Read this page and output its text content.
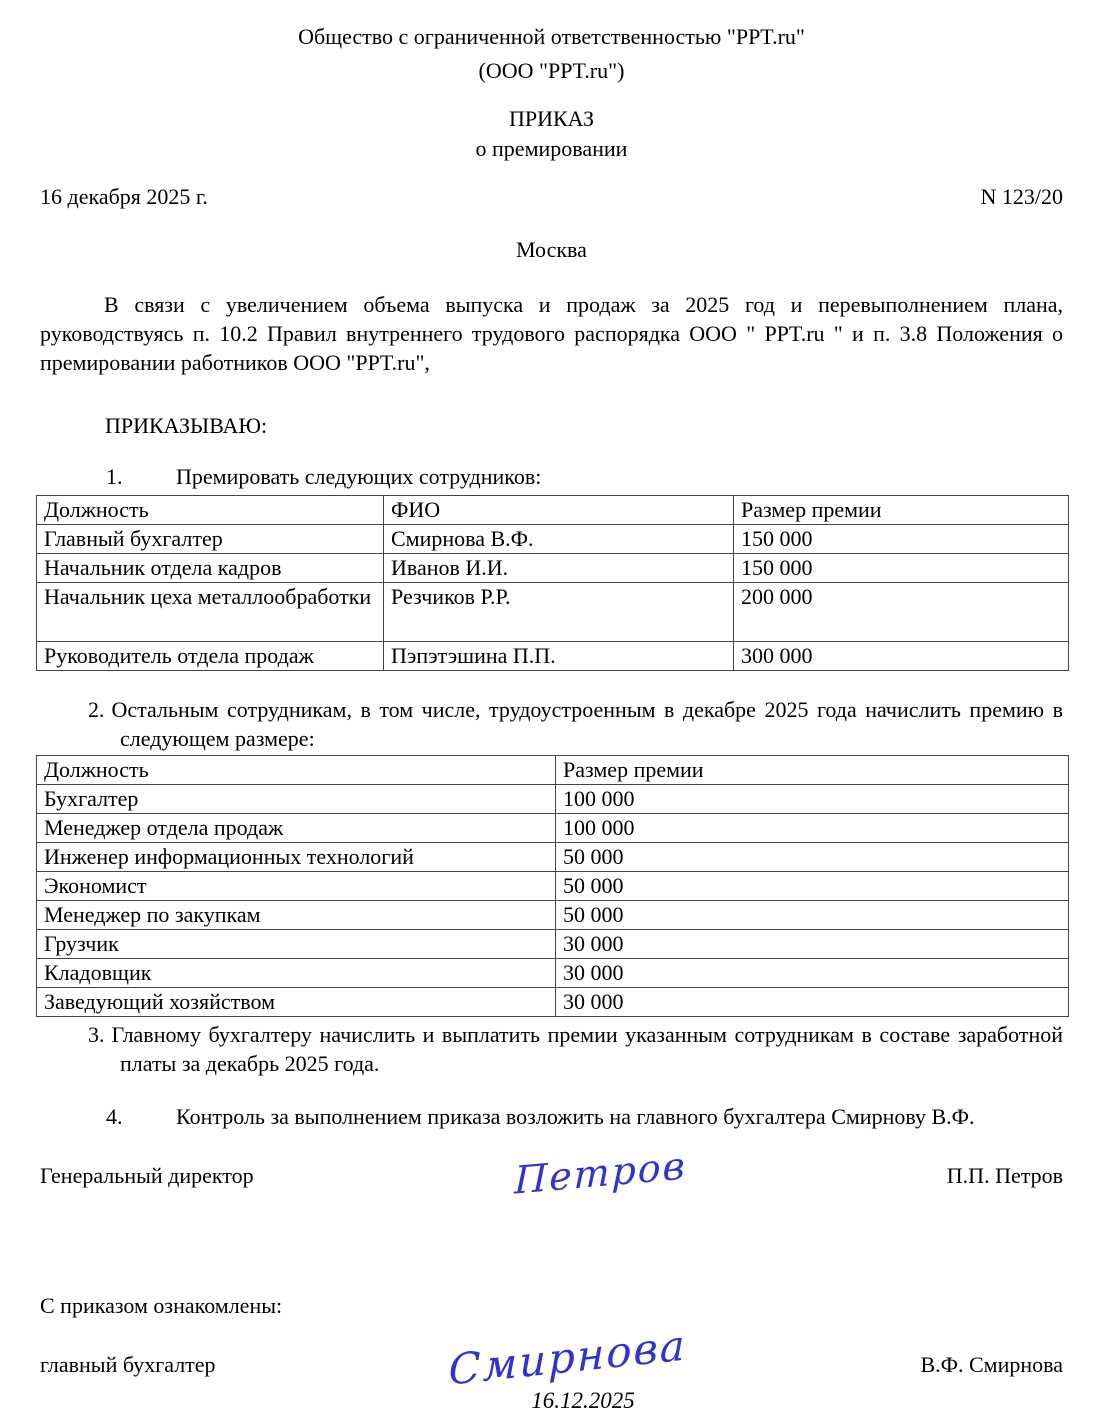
Общество с ограниченной ответственностью "PPT.ru"
(ООО "PPT.ru")
ПРИКАЗ
о премировании
16 декабря 2025 г.	N 123/20
Москва

В связи с увеличением объема выпуска и продаж за 2025 год и перевыполнением плана, руководствуясь п. 10.2 Правил внутреннего трудового распорядка ООО " PPT.ru " и п. 3.8 Положения о премировании работников ООО "PPT.ru",

ПРИКАЗЫВАЮ:

1. Премировать следующих сотрудников:
Должность	ФИО	Размер премии
Главный бухгалтер	Смирнова В.Ф.	150 000
Начальник отдела кадров	Иванов И.И.	150 000
Начальник цеха металлообработки	Резчиков Р.Р.	200 000
Руководитель отдела продаж	Пэпэтэшина П.П.	300 000

2. Остальным сотрудникам, в том числе, трудоустроенным в декабре 2025 года начислить премию в следующем размере:

Должность	Размер премии
Бухгалтер	100 000
Менеджер отдела продаж	100 000
Инженер информационных технологий	50 000
Экономист	50 000
Менеджер по закупкам	50 000
Грузчик	30 000
Кладовщик	30 000
Заведующий хозяйством	30 000

3. Главному бухгалтеру начислить и выплатить премии указанным сотрудникам в составе заработной платы за декабрь 2025 года.

4. Контроль за выполнением приказа возложить на главного бухгалтера Смирнову В.Ф.
Генеральный директор	Петров	П.П. Петров
С приказом ознакомлены:
главный бухгалтер	Смирнова
16.12.2025
В.Ф. Смирнова
